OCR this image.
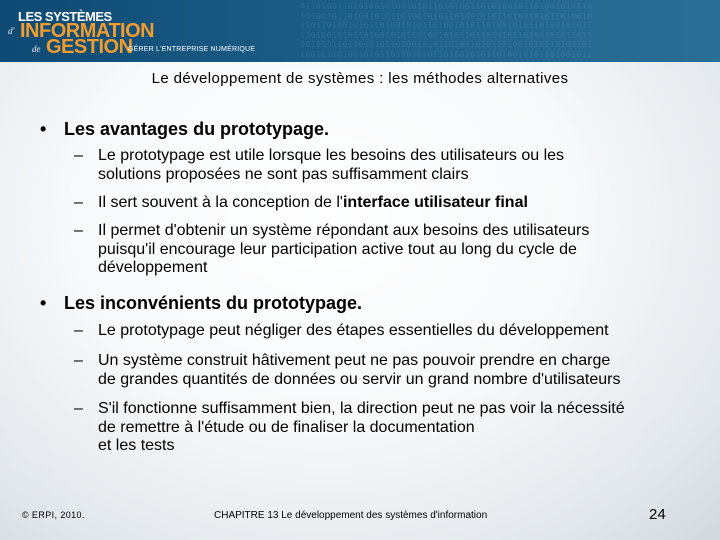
0110100110101001010010101101010011010100101101001010110
1010010110100101011010010101101001010110100101011010010
0101101001010110100101011010010101101001010110100101011
1101001010110100101011010010101101001010110100101011010
0010101101001010110100101011010010101101001010110100101
1001011010010101101001010110100101011010010101101001011
LES SYSTÈMES
d' INFORMATION
de GESTION
GÉRER L'ENTREPRISE NUMÉRIQUE
Le développement de systèmes : les méthodes alternatives
• Les avantages du prototypage.
– Le prototypage est utile lorsque les besoins des utilisateurs ou les
solutions proposées ne sont pas suffisamment clairs
– Il sert souvent à la conception de l'interface utilisateur final
– Il permet d'obtenir un système répondant aux besoins des utilisateurs
puisqu'il encourage leur participation active tout au long du cycle de
développement
• Les inconvénients du prototypage.
– Le prototypage peut négliger des étapes essentielles du développement
– Un système construit hâtivement peut ne pas pouvoir prendre en charge
de grandes quantités de données ou servir un grand nombre d'utilisateurs
– S'il fonctionne suffisamment bien, la direction peut ne pas voir la nécessité
de remettre à l'étude ou de finaliser la documentation
et les tests
© ERPI, 2010.	CHAPITRE 13 Le développement des systèmes d'information	24
